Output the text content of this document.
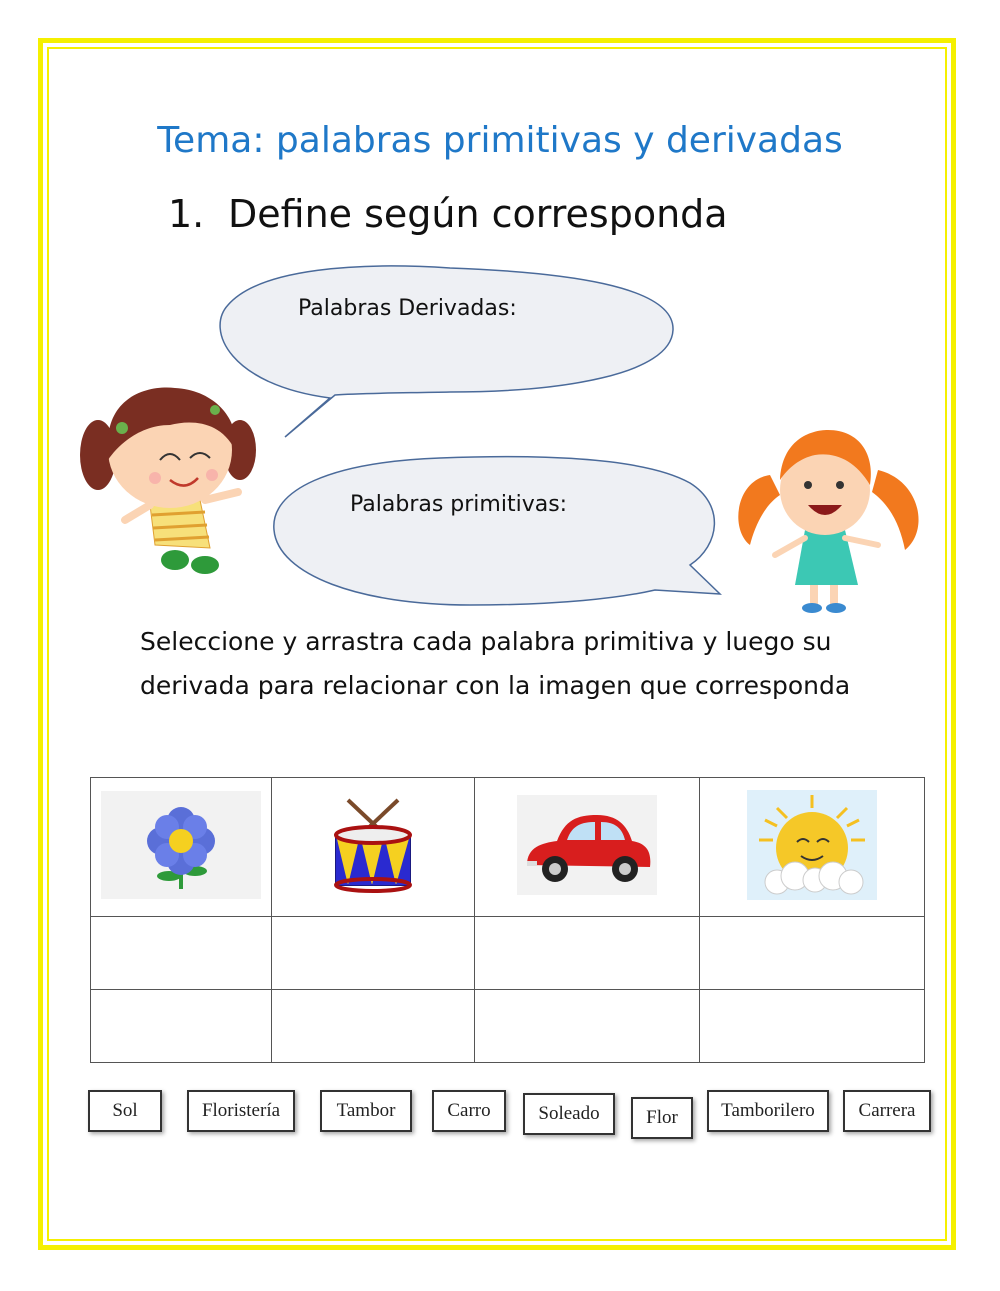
Tema: palabras primitivas y derivadas
1. Define según corresponda
Palabras Derivadas:
Palabras primitivas:
Seleccione y arrastra cada palabra primitiva y luego su derivada para relacionar con la imagen que corresponda

Sol	Floristería	Tambor	Carro	Soleado	Flor	Tamborilero	Carrera
